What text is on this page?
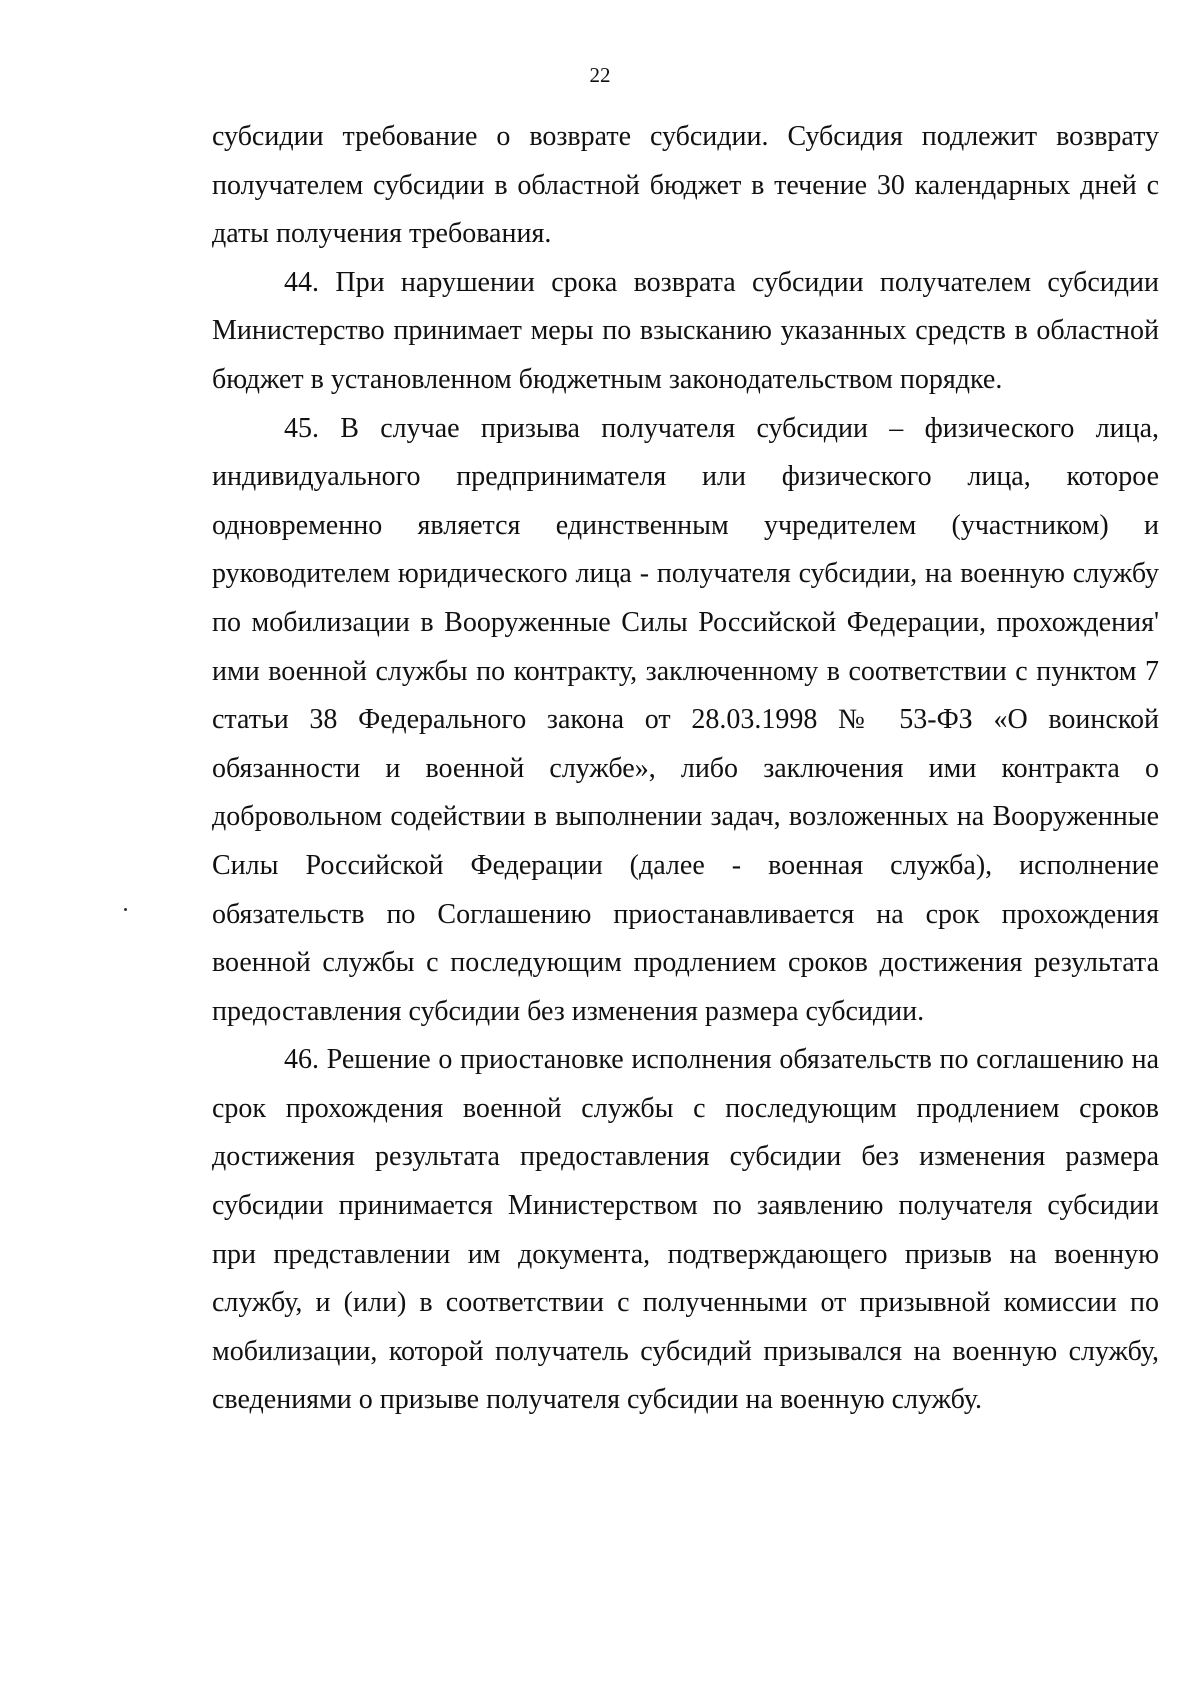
22

субсидии требование о возврате субсидии. Субсидия подлежит возврату получателем субсидии в областной бюджет в течение 30 календарных дней с даты получения требования.

44. При нарушении срока возврата субсидии получателем субсидии Министерство принимает меры по взысканию указанных средств в областной бюджет в установленном бюджетным законодательством порядке.

45. В случае призыва получателя субсидии – физического лица, индивидуального предпринимателя или физического лица, которое одновременно является единственным учредителем (участником) и руководителем юридического лица - получателя субсидии, на военную службу по мобилизации в Вооруженные Силы Российской Федерации, прохождения' ими военной службы по контракту, заключенному в соответствии с пунктом 7 статьи 38 Федерального закона от 28.03.1998 № 53-ФЗ «О воинской обязанности и военной службе», либо заключения ими контракта о добровольном содействии в выполнении задач, возложенных на Вооруженные Силы Российской Федерации (далее - военная служба), исполнение обязательств по Соглашению приостанавливается на срок прохождения военной службы с последующим продлением сроков достижения результата предоставления субсидии без изменения размера субсидии.

46. Решение о приостановке исполнения обязательств по соглашению на срок прохождения военной службы с последующим продлением сроков достижения результата предоставления субсидии без изменения размера субсидии принимается Министерством по заявлению получателя субсидии при представлении им документа, подтверждающего призыв на военную службу, и (или) в соответствии с полученными от призывной комиссии по мобилизации, которой получатель субсидий призывался на военную службу, сведениями о призыве получателя субсидии на военную службу.
